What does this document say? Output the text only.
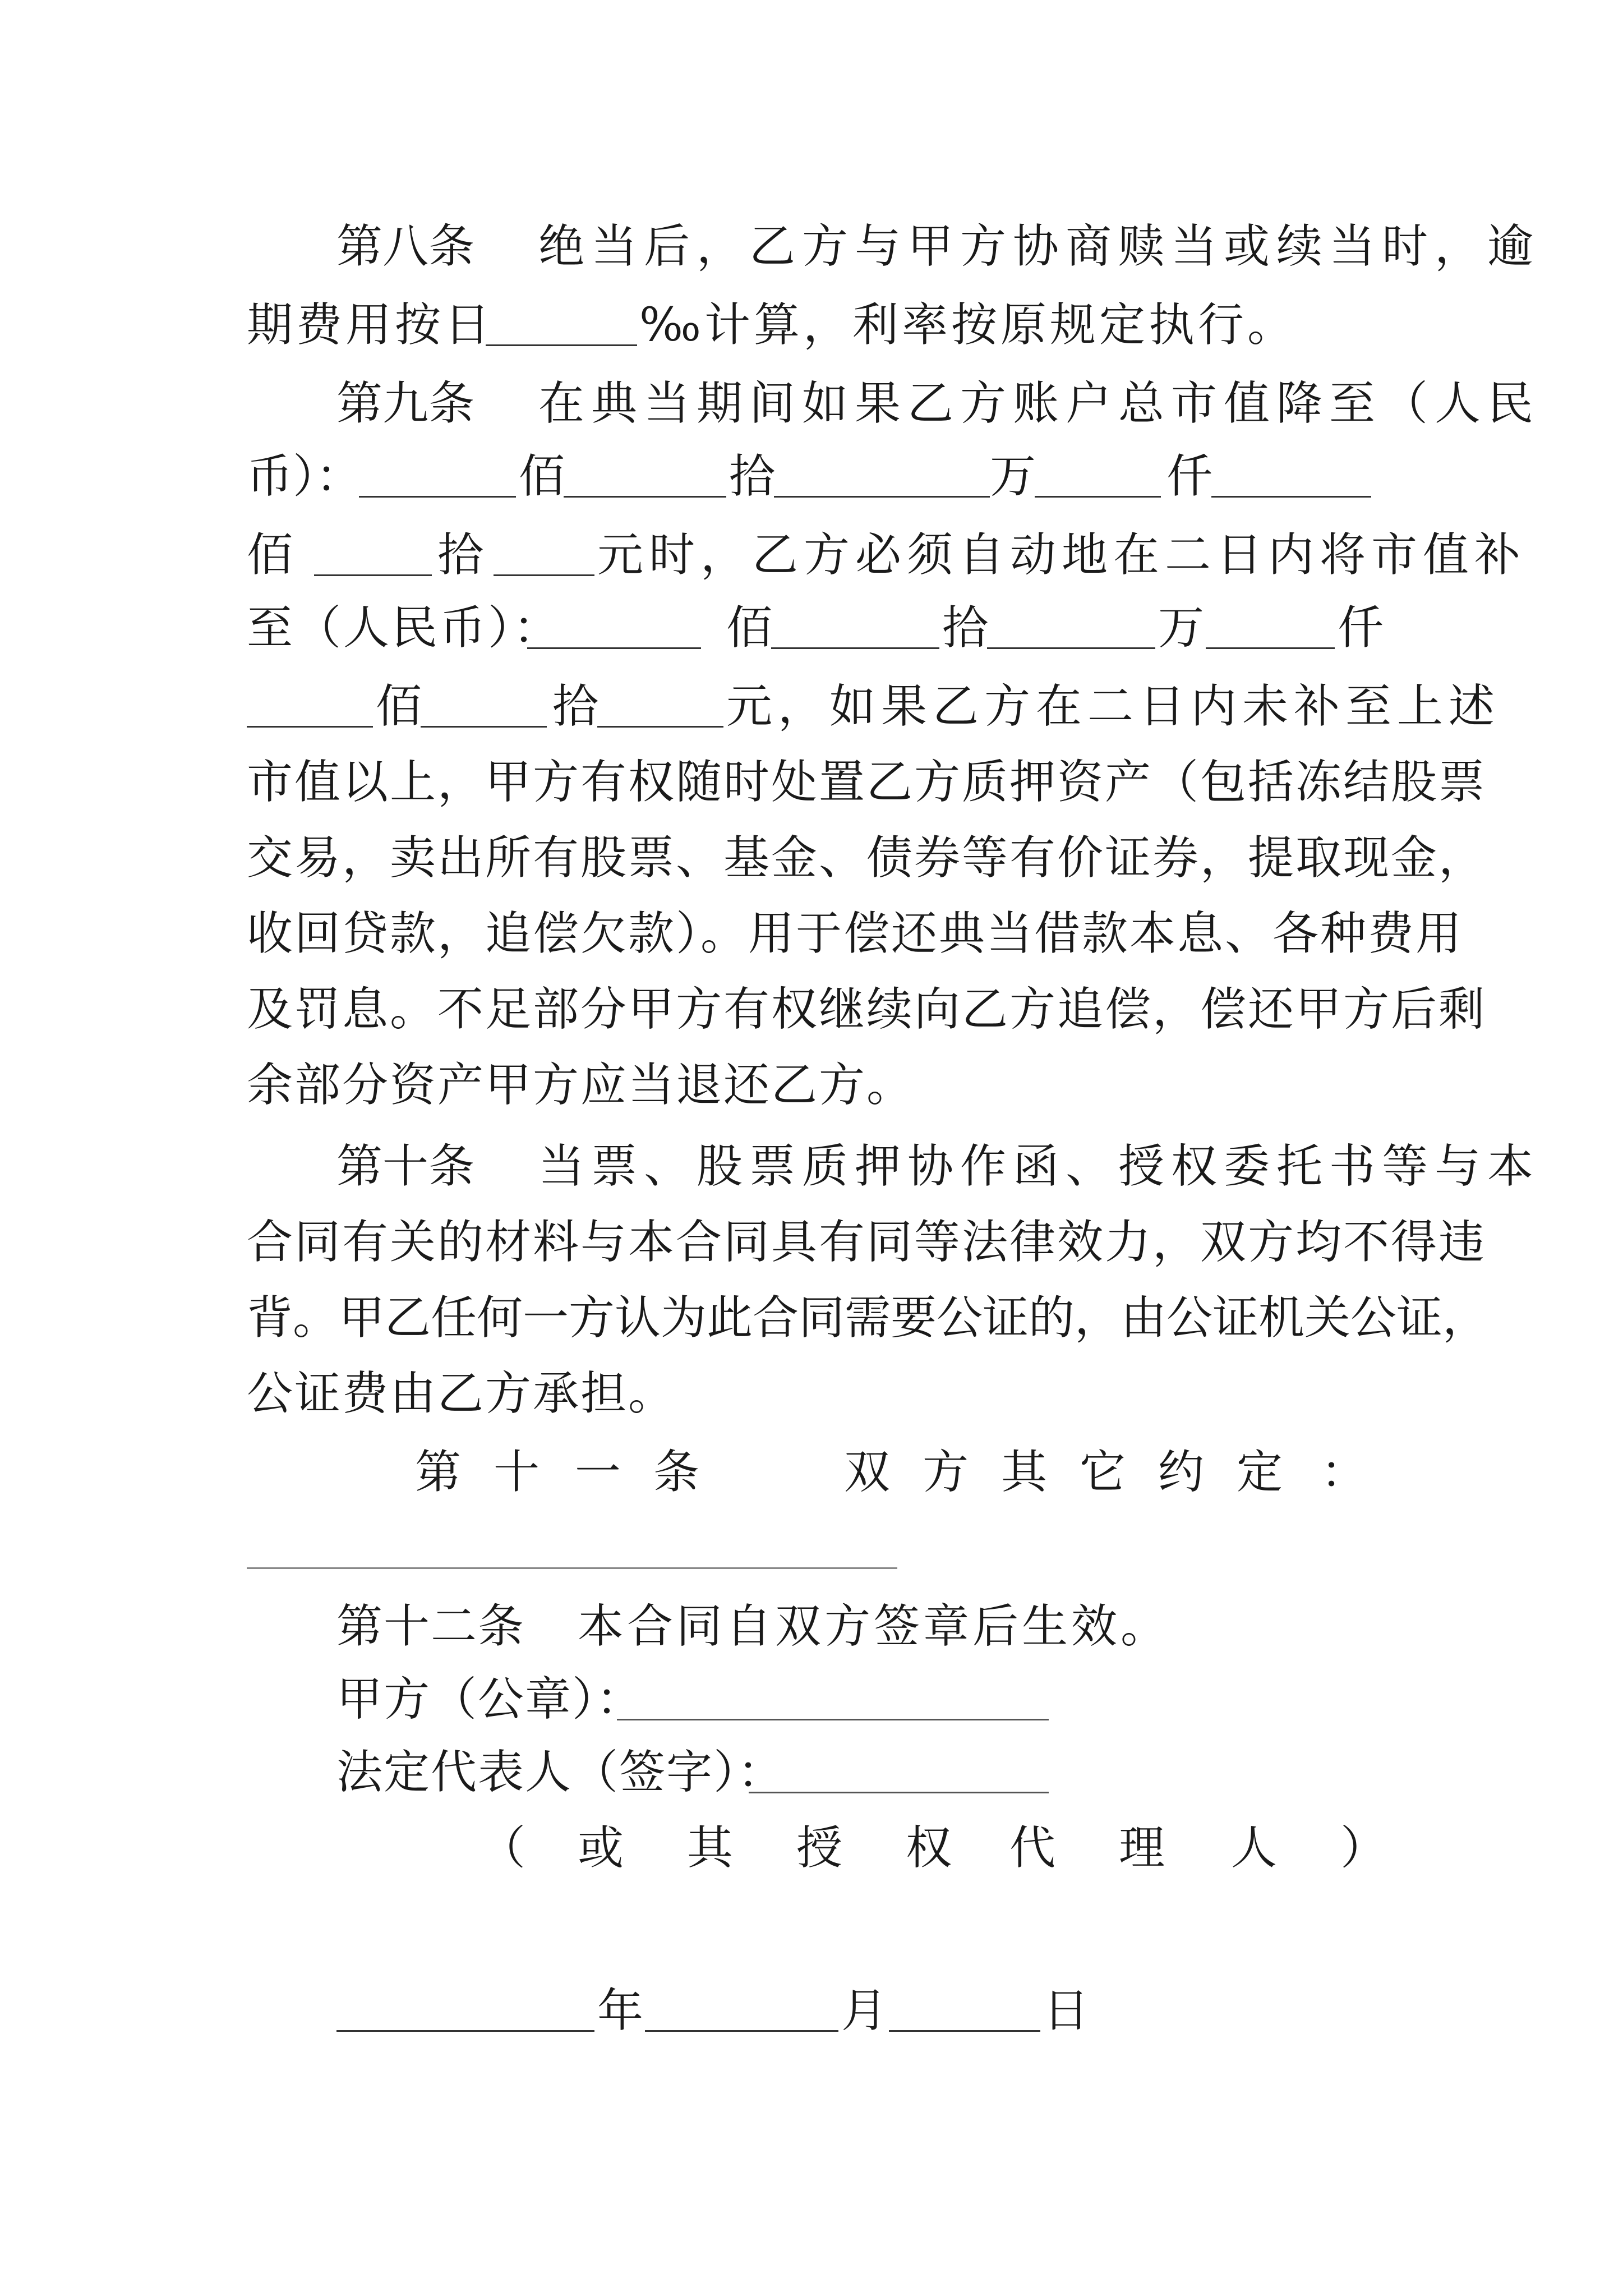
第八条 绝当后，乙方与甲方协商赎当或续当时，逾
期费用按日	‰计算，利率按原规定执行。
第九条 在典当期间如果乙方账户总市值降至（人民
币）：	佰	拾	万	仟
佰	拾 元时，乙方必须自动地在二日内将市值补
至（人民币）：	佰	拾	万	仟
佰	拾	元，如果乙方在二日内未补至上述
市值以上，甲方有权随时处置乙方质押资产（包括冻结股票
交易，卖出所有股票、基金、债券等有价证券，提取现金，
收回贷款，追偿欠款）。用于偿还典当借款本息、各种费用
及罚息。不足部分甲方有权继续向乙方追偿，偿还甲方后剩
余部分资产甲方应当退还乙方。
第十条 当票、股票质押协作函、授权委托书等与本
合同有关的材料与本合同具有同等法律效力，双方均不得违
背。甲乙任何一方认为此合同需要公证的，由公证机关公证，
公证费由乙方承担。
第 十 一 条	双 方 其 它 约 定 ：
第十二条 本合同自双方签章后生效。
甲方（公章）：
法定代表人（签字）：
（ 或 其 授 权 代 理 人 ）
年	月	日
